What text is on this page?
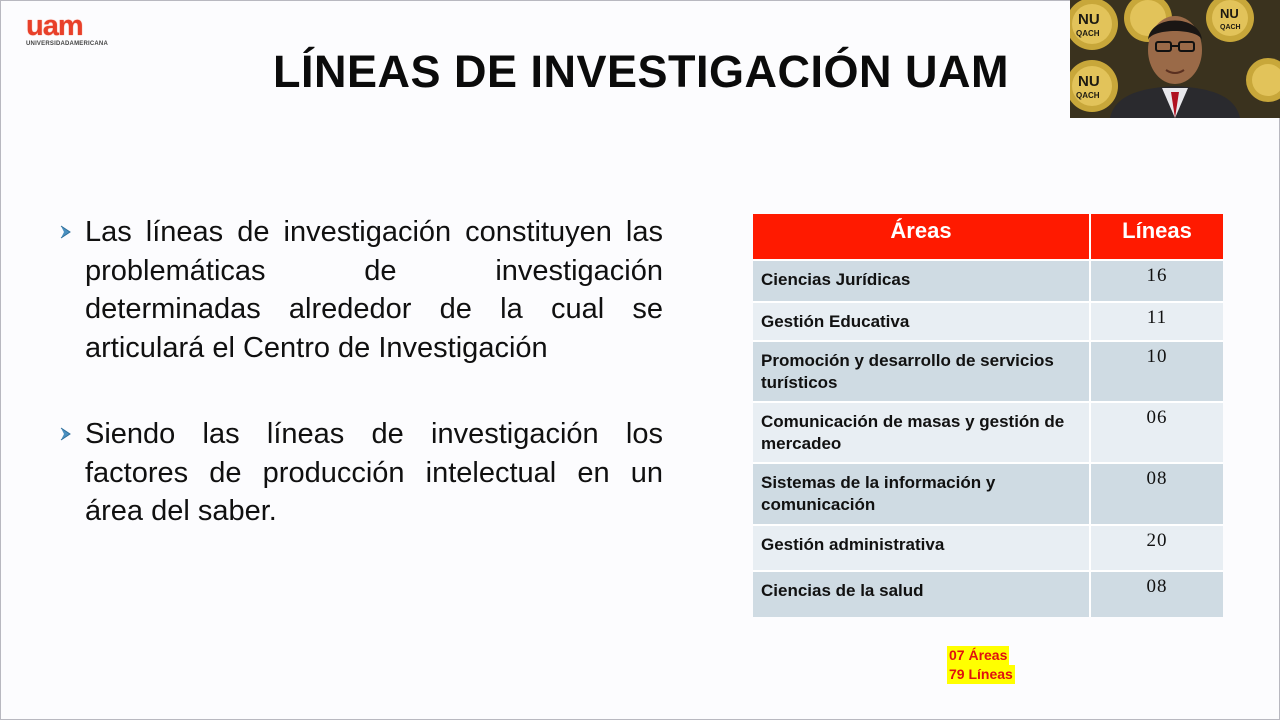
uam
UNIVERSIDADAMERICANA
LÍNEAS DE INVESTIGACIÓN UAM
Las líneas de investigación constituyen las problemáticas de investigación determinadas alrededor de la cual se articulará el Centro de Investigación
Siendo las líneas de investigación los factores de producción intelectual en un área del saber.
Áreas	Líneas
Ciencias Jurídicas	16
Gestión Educativa	11
Promoción y desarrollo de servicios turísticos	10
Comunicación de masas y gestión de mercadeo	06
Sistemas de la información y comunicación	08
Gestión administrativa	20
Ciencias de la salud	08
07 Áreas
79 Líneas
NU
QACH
NU
QACH
NU
QACH
